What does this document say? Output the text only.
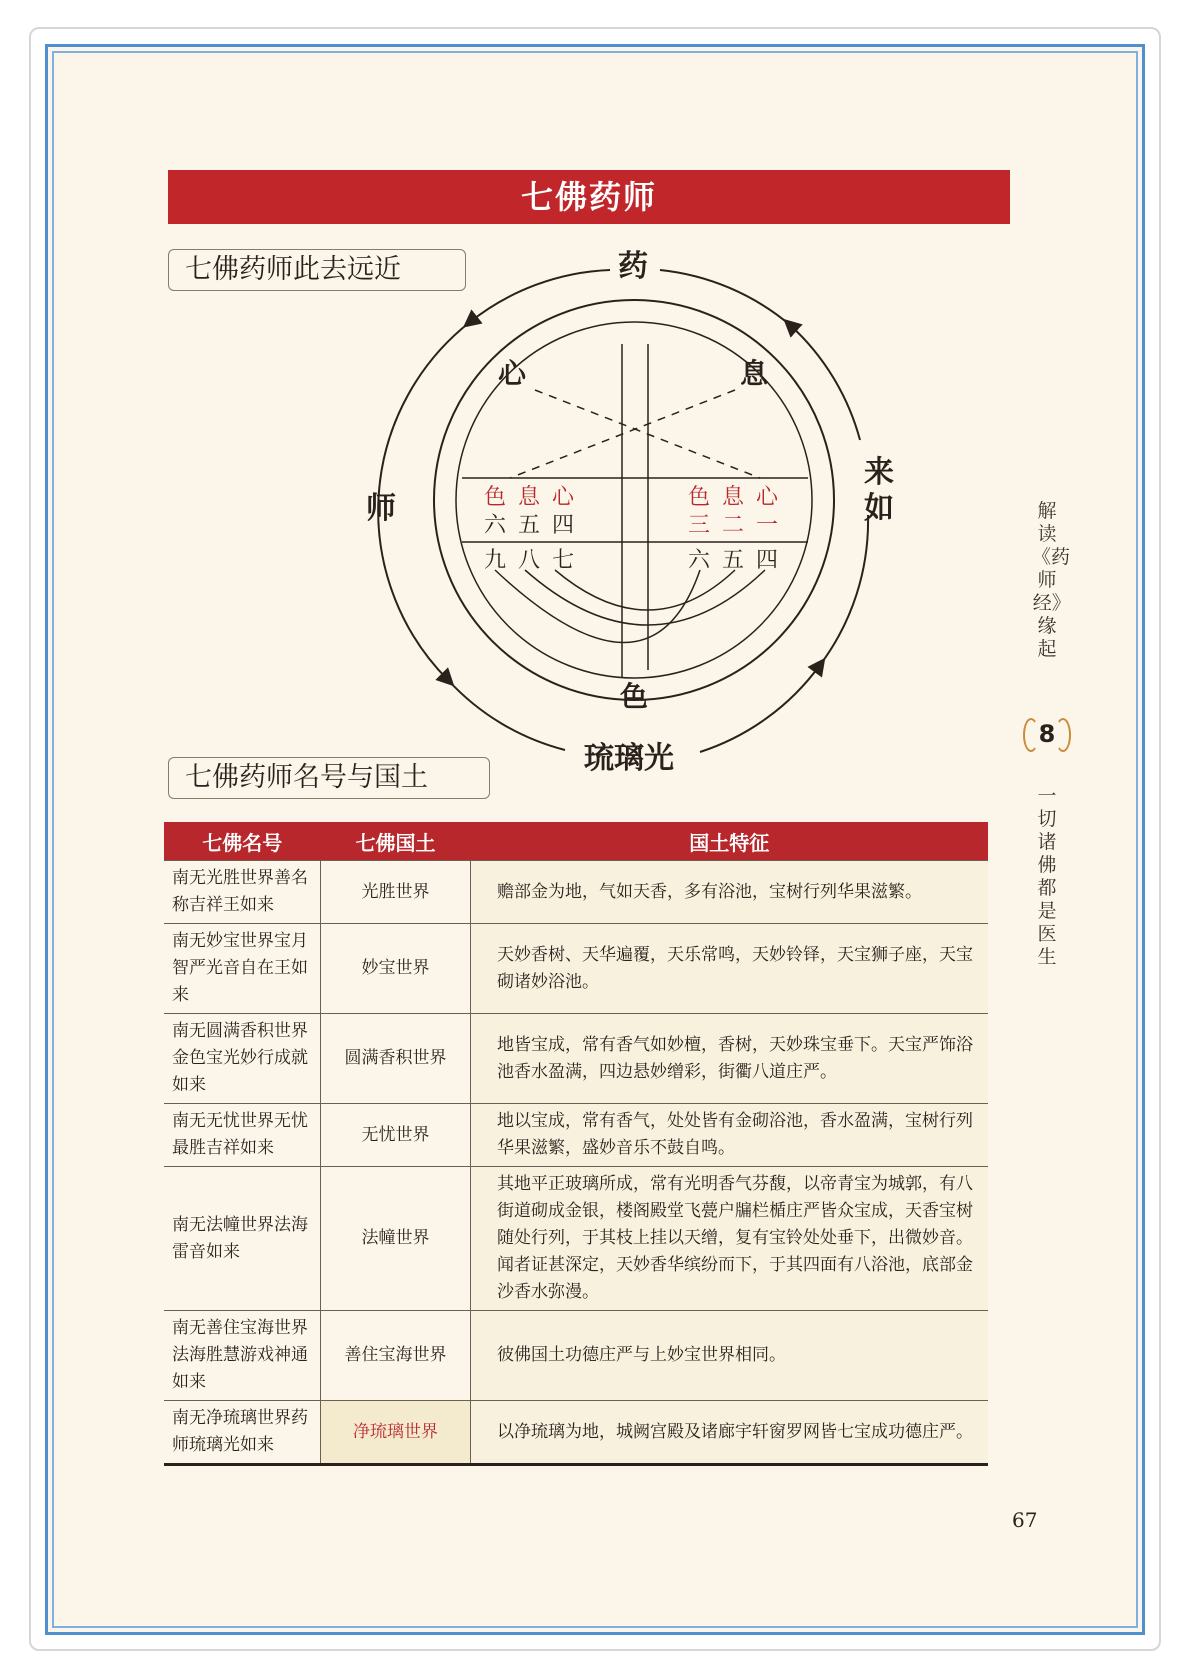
七佛药师
七佛药师此去远近	药
师
来
如
琉璃光
心	息
色
色 息 心
六 五 四
九 八 七
色 息 心
三 二 一
六 五 四
七佛药师名号与国土
七佛名号	七佛国土	国土特征
南无光胜世界善名称吉祥王如来	光胜世界	赡部金为地，气如天香，多有浴池，宝树行列华果滋繁。
南无妙宝世界宝月智严光音自在王如来	妙宝世界	天妙香树、天华遍覆，天乐常鸣，天妙铃铎，天宝狮子座，天宝砌诸妙浴池。
南无圆满香积世界金色宝光妙行成就如来	圆满香积世界	地皆宝成，常有香气如妙檀，香树，天妙珠宝垂下。天宝严饰浴池香水盈满，四边悬妙缯彩，街衢八道庄严。
南无无忧世界无忧最胜吉祥如来	无忧世界	地以宝成，常有香气，处处皆有金砌浴池，香水盈满，宝树行列华果滋繁，盛妙音乐不鼓自鸣。
南无法幢世界法海雷音如来	法幢世界	其地平正玻璃所成，常有光明香气芬馥，以帝青宝为城郭，有八街道砌成金银，楼阁殿堂飞甍户牖栏楯庄严皆众宝成，天香宝树随处行列，于其枝上挂以天缯，复有宝铃处处垂下，出微妙音。闻者证甚深定，天妙香华缤纷而下，于其四面有八浴池，底部金沙香水弥漫。
南无善住宝海世界法海胜慧游戏神通如来	善住宝海世界	彼佛国土功德庄严与上妙宝世界相同。
南无净琉璃世界药师琉璃光如来	净琉璃世界	以净琉璃为地，城阙宫殿及诸廊宇轩窗罗网皆七宝成功德庄严。
解读《药师经》缘起
8
一切诸佛都是医生
67
